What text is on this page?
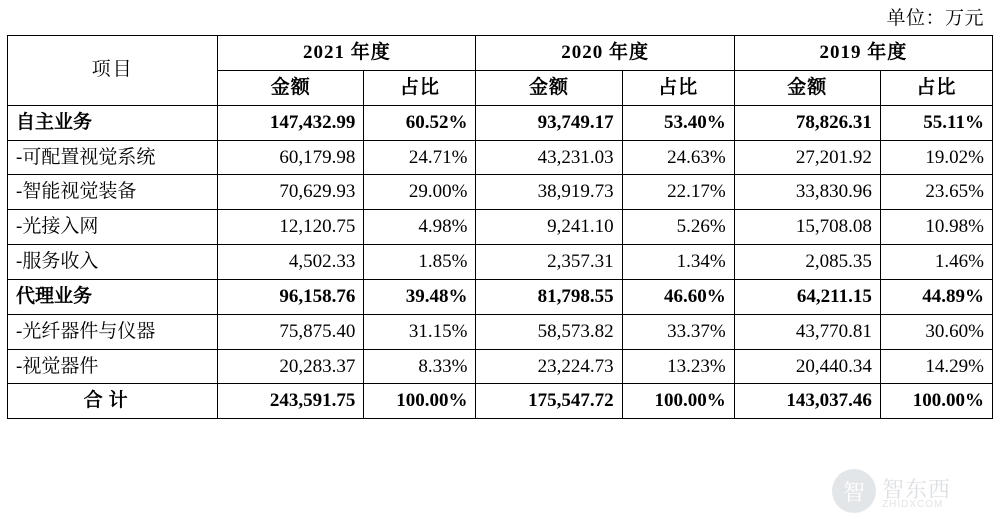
单位：万元
项目	2021 年度		2020 年度		2019 年度	
	金额	占比	金额	占比	金额	占比
自主业务	147,432.99	60.52%	93,749.17	53.40%	78,826.31	55.11%
-可配置视觉系统	60,179.98	24.71%	43,231.03	24.63%	27,201.92	19.02%
-智能视觉装备	70,629.93	29.00%	38,919.73	22.17%	33,830.96	23.65%
-光接入网	12,120.75	4.98%	9,241.10	5.26%	15,708.08	10.98%
-服务收入	4,502.33	1.85%	2,357.31	1.34%	2,085.35	1.46%
代理业务	96,158.76	39.48%	81,798.55	46.60%	64,211.15	44.89%
-光纤器件与仪器	75,875.40	31.15%	58,573.82	33.37%	43,770.81	30.60%
-视觉器件	20,283.37	8.33%	23,224.73	13.23%	20,440.34	14.29%
合计	243,591.75	100.00%	175,547.72	100.00%	143,037.46	100.00%
智 智东西
ZHIDXCOM
